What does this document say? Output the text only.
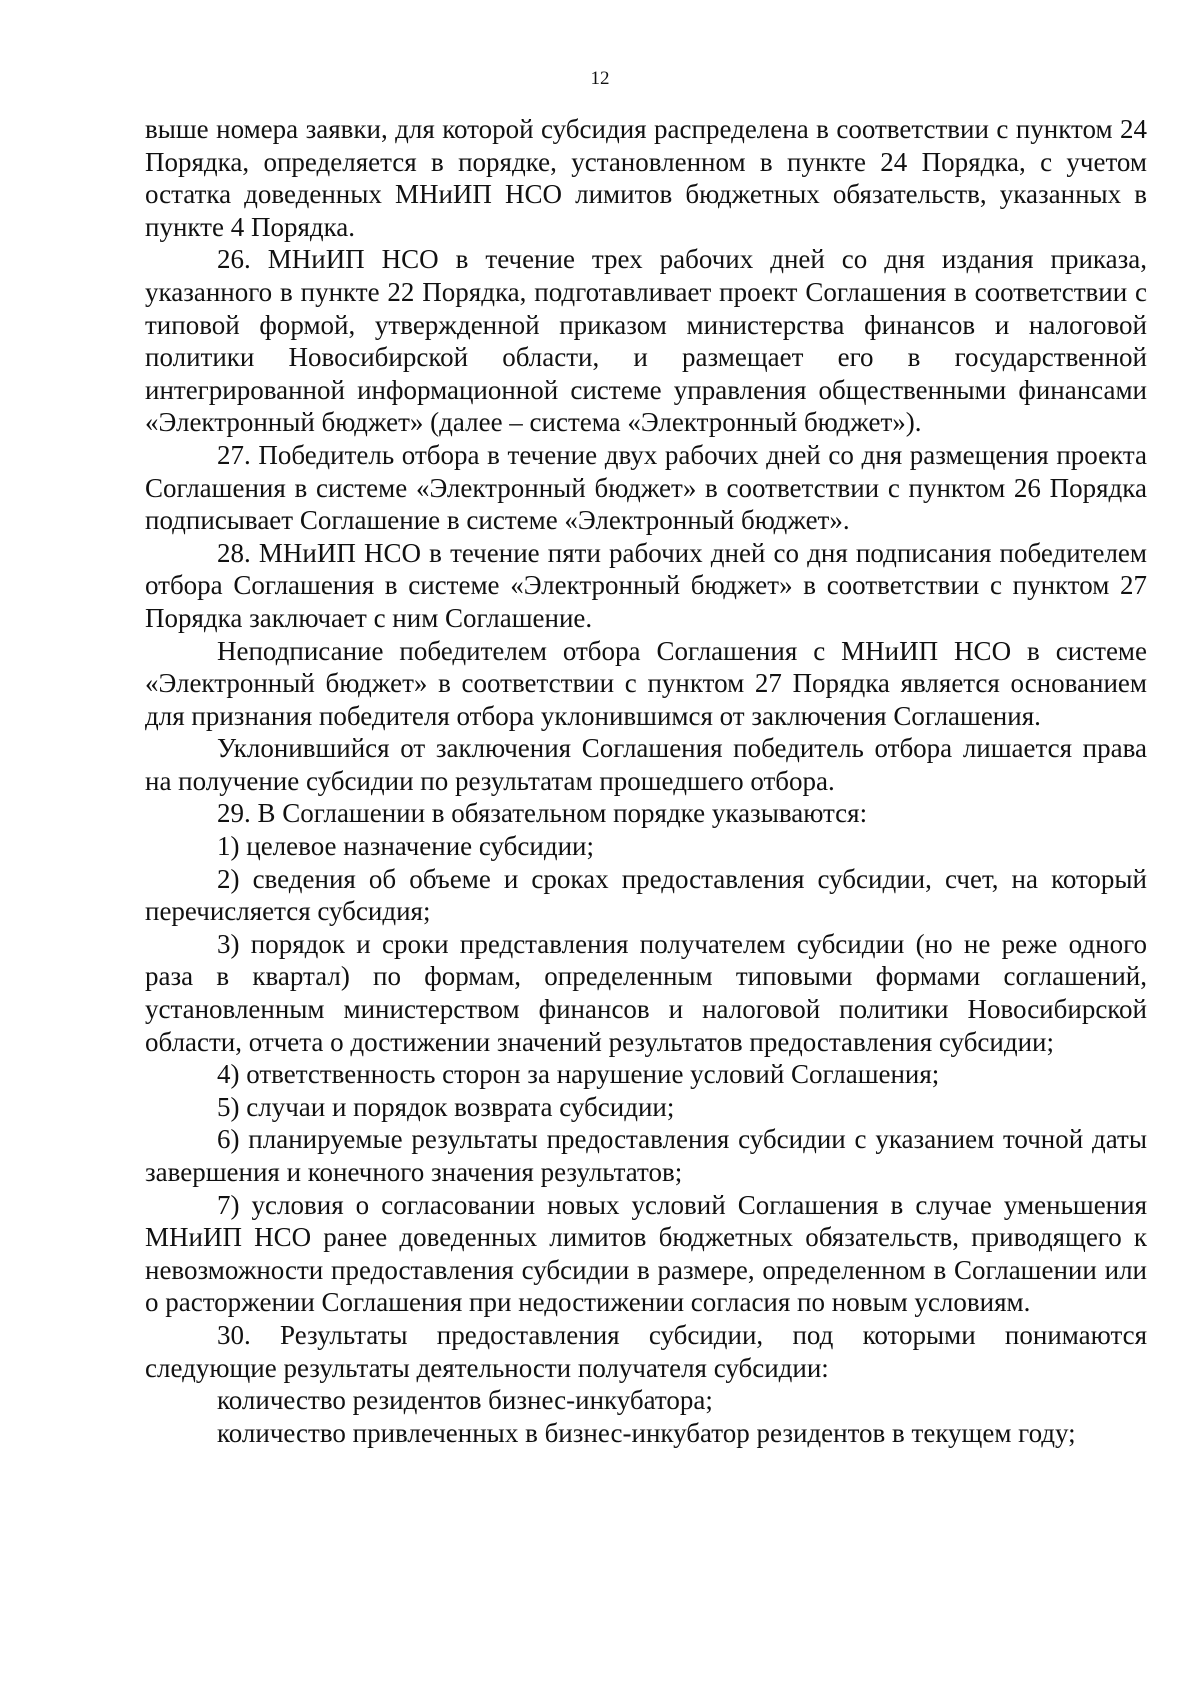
12

выше номера заявки, для которой субсидия распределена в соответствии с пунктом 24 Порядка, определяется в порядке, установленном в пункте 24 Порядка, с учетом остатка доведенных МНиИП НСО лимитов бюджетных обязательств, указанных в пункте 4 Порядка.

26. МНиИП НСО в течение трех рабочих дней со дня издания приказа, указанного в пункте 22 Порядка, подготавливает проект Соглашения в соответствии с типовой формой, утвержденной приказом министерства финансов и налоговой политики Новосибирской области, и размещает его в государственной интегрированной информационной системе управления общественными финансами «Электронный бюджет» (далее – система «Электронный бюджет»).

27. Победитель отбора в течение двух рабочих дней со дня размещения проекта Соглашения в системе «Электронный бюджет» в соответствии с пунктом 26 Порядка подписывает Соглашение в системе «Электронный бюджет».

28. МНиИП НСО в течение пяти рабочих дней со дня подписания победителем отбора Соглашения в системе «Электронный бюджет» в соответствии с пунктом 27 Порядка заключает с ним Соглашение.

Неподписание победителем отбора Соглашения с МНиИП НСО в системе «Электронный бюджет» в соответствии с пунктом 27 Порядка является основанием для признания победителя отбора уклонившимся от заключения Соглашения.

Уклонившийся от заключения Соглашения победитель отбора лишается права на получение субсидии по результатам прошедшего отбора.

29. В Соглашении в обязательном порядке указываются:

1) целевое назначение субсидии;

2) сведения об объеме и сроках предоставления субсидии, счет, на который перечисляется субсидия;

3) порядок и сроки представления получателем субсидии (но не реже одного раза в квартал) по формам, определенным типовыми формами соглашений, установленным министерством финансов и налоговой политики Новосибирской области, отчета о достижении значений результатов предоставления субсидии;

4) ответственность сторон за нарушение условий Соглашения;

5) случаи и порядок возврата субсидии;

6) планируемые результаты предоставления субсидии с указанием точной даты завершения и конечного значения результатов;

7) условия о согласовании новых условий Соглашения в случае уменьшения МНиИП НСО ранее доведенных лимитов бюджетных обязательств, приводящего к невозможности предоставления субсидии в размере, определенном в Соглашении или о расторжении Соглашения при недостижении согласия по новым условиям.

30. Результаты предоставления субсидии, под которыми понимаются следующие результаты деятельности получателя субсидии:

количество резидентов бизнес-инкубатора;

количество привлеченных в бизнес-инкубатор резидентов в текущем году;
